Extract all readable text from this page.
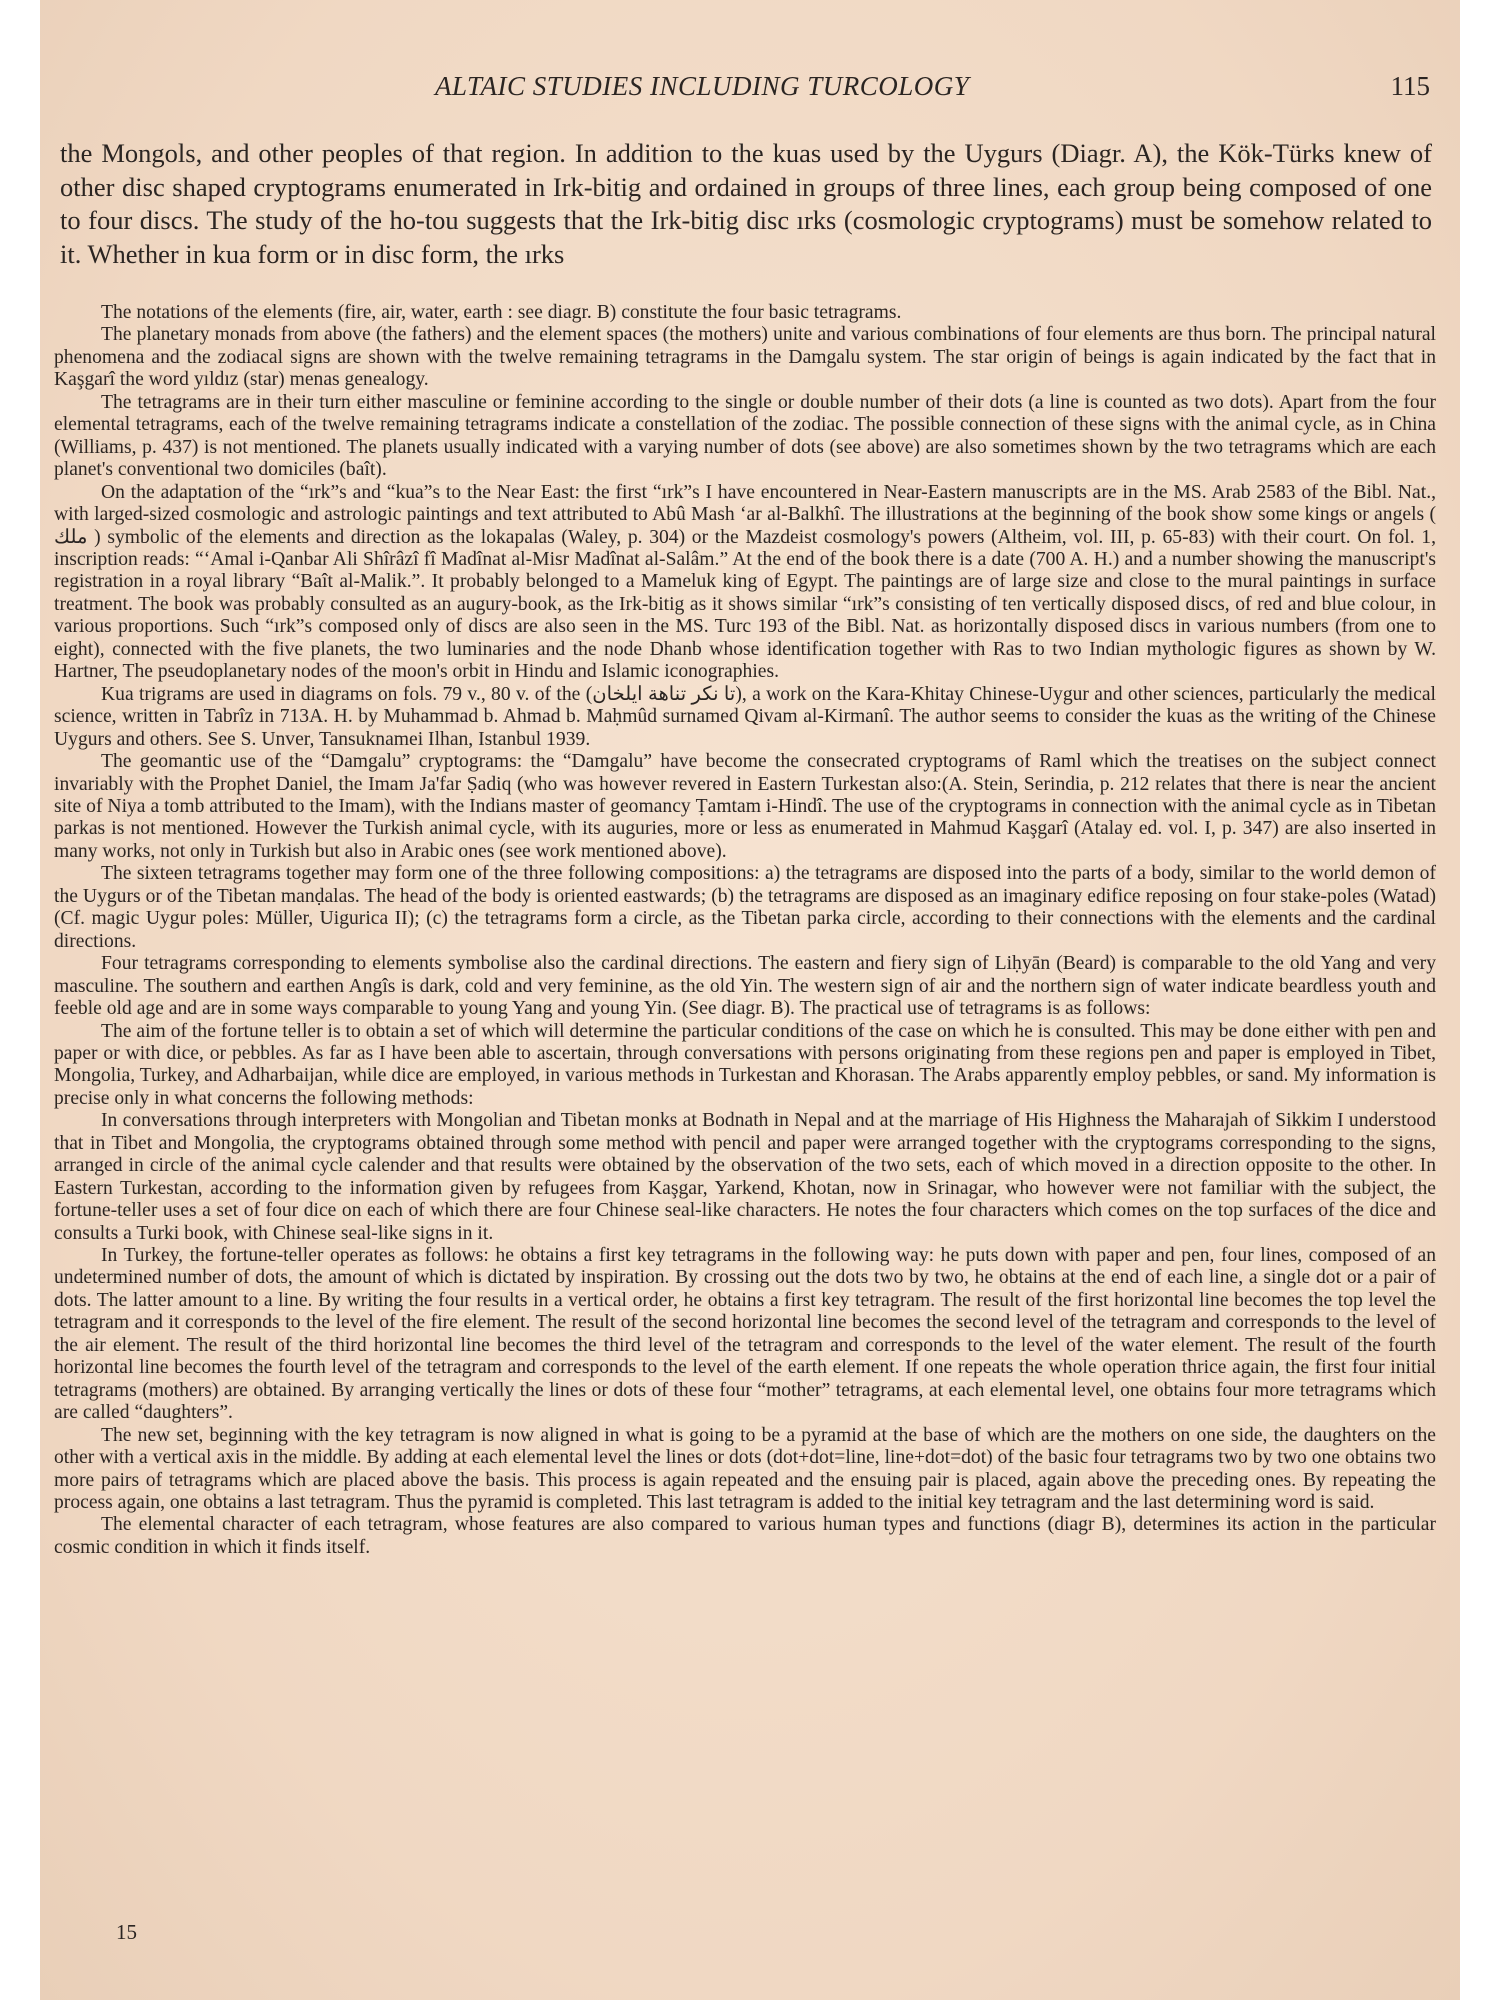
ALTAIC STUDIES INCLUDING TURCOLOGY	115

the Mongols, and other peoples of that region. In addition to the kuas used by the Uygurs (Diagr. A), the Kök-Türks knew of other disc shaped cryptograms enumerated in Irk-bitig and ordained in groups of three lines, each group being composed of one to four discs. The study of the ho-tou suggests that the Irk-bitig disc ırks (cosmologic cryptograms) must be somehow related to it. Whether in kua form or in disc form, the ırks

The notations of the elements (fire, air, water, earth : see diagr. B) constitute the four basic tetragrams.

The planetary monads from above (the fathers) and the element spaces (the mothers) unite and various combinations of four elements are thus born. The principal natural phenomena and the zodiacal signs are shown with the twelve remaining tetragrams in the Damgalu system. The star origin of beings is again indicated by the fact that in Kaşgarî the word yıldız (star) menas genealogy.

The tetragrams are in their turn either masculine or feminine according to the single or double number of their dots (a line is counted as two dots). Apart from the four elemental tetragrams, each of the twelve remaining tetragrams indicate a constellation of the zodiac. The possible connection of these signs with the animal cycle, as in China (Williams, p. 437) is not mentioned. The planets usually indicated with a varying number of dots (see above) are also sometimes shown by the two tetragrams which are each planet's conventional two domiciles (baît).

On the adaptation of the “ırk”s and “kua”s to the Near East: the first “ırk”s I have encountered in Near-Eastern manuscripts are in the MS. Arab 2583 of the Bibl. Nat., with larged-sized cosmologic and astrologic paintings and text attributed to Abû Mash ‘ar al-Balkhî. The illustrations at the beginning of the book show some kings or angels ( ملك ) symbolic of the elements and direction as the lokapalas (Waley, p. 304) or the Mazdeist cosmology's powers (Altheim, vol. III, p. 65-83) with their court. On fol. 1, inscription reads: “‘Amal i-Qanbar Ali Shîrâzî fî Madînat al-Misr Madînat al-Salâm.” At the end of the book there is a date (700 A. H.) and a number showing the manuscript's registration in a royal library “Baît al-Malik.”. It probably belonged to a Mameluk king of Egypt. The paintings are of large size and close to the mural paintings in surface treatment. The book was probably consulted as an augury-book, as the Irk-bitig as it shows similar “ırk”s consisting of ten vertically disposed discs, of red and blue colour, in various proportions. Such “ırk”s composed only of discs are also seen in the MS. Turc 193 of the Bibl. Nat. as horizontally disposed discs in various numbers (from one to eight), connected with the five planets, the two luminaries and the node Dhanb whose identification together with Ras to two Indian mythologic figures as shown by W. Hartner, The pseudoplanetary nodes of the moon's orbit in Hindu and Islamic iconographies.

Kua trigrams are used in diagrams on fols. 79 v., 80 v. of the (تا نكر تناهة ايلخان), a work on the Kara-Khitay Chinese-Uygur and other sciences, particularly the medical science, written in Tabrîz in 713A. H. by Muhammad b. Ahmad b. Maḥmûd surnamed Qivam al-Kirmanî. The author seems to consider the kuas as the writing of the Chinese Uygurs and others. See S. Unver, Tansuknamei Ilhan, Istanbul 1939.

The geomantic use of the “Damgalu” cryptograms: the “Damgalu” have become the consecrated cryptograms of Raml which the treatises on the subject connect invariably with the Prophet Daniel, the Imam Ja'far Ṣadiq (who was however revered in Eastern Turkestan also:(A. Stein, Serindia, p. 212 relates that there is near the ancient site of Niya a tomb attributed to the Imam), with the Indians master of geomancy Ṭamtam i-Hindî. The use of the cryptograms in connection with the animal cycle as in Tibetan parkas is not mentioned. However the Turkish animal cycle, with its auguries, more or less as enumerated in Mahmud Kaşgarî (Atalay ed. vol. I, p. 347) are also inserted in many works, not only in Turkish but also in Arabic ones (see work mentioned above).

The sixteen tetragrams together may form one of the three following compositions: a) the tetragrams are disposed into the parts of a body, similar to the world demon of the Uygurs or of the Tibetan manḍalas. The head of the body is oriented eastwards; (b) the tetragrams are disposed as an imaginary edifice reposing on four stake-poles (Watad) (Cf. magic Uygur poles: Müller, Uigurica II); (c) the tetragrams form a circle, as the Tibetan parka circle, according to their connections with the elements and the cardinal directions.

Four tetragrams corresponding to elements symbolise also the cardinal directions. The eastern and fiery sign of Liḥyān (Beard) is comparable to the old Yang and very masculine. The southern and earthen Angîs is dark, cold and very feminine, as the old Yin. The western sign of air and the northern sign of water indicate beardless youth and feeble old age and are in some ways comparable to young Yang and young Yin. (See diagr. B). The practical use of tetragrams is as follows:

The aim of the fortune teller is to obtain a set of which will determine the particular conditions of the case on which he is consulted. This may be done either with pen and paper or with dice, or pebbles. As far as I have been able to ascertain, through conversations with persons originating from these regions pen and paper is employed in Tibet, Mongolia, Turkey, and Adharbaijan, while dice are employed, in various methods in Turkestan and Khorasan. The Arabs apparently employ pebbles, or sand. My information is precise only in what concerns the following methods:

In conversations through interpreters with Mongolian and Tibetan monks at Bodnath in Nepal and at the marriage of His Highness the Maharajah of Sikkim I understood that in Tibet and Mongolia, the cryptograms obtained through some method with pencil and paper were arranged together with the cryptograms corresponding to the signs, arranged in circle of the animal cycle calender and that results were obtained by the observation of the two sets, each of which moved in a direction opposite to the other. In Eastern Turkestan, according to the information given by refugees from Kaşgar, Yarkend, Khotan, now in Srinagar, who however were not familiar with the subject, the fortune-teller uses a set of four dice on each of which there are four Chinese seal-like characters. He notes the four characters which comes on the top surfaces of the dice and consults a Turki book, with Chinese seal-like signs in it.

In Turkey, the fortune-teller operates as follows: he obtains a first key tetragrams in the following way: he puts down with paper and pen, four lines, composed of an undetermined number of dots, the amount of which is dictated by inspiration. By crossing out the dots two by two, he obtains at the end of each line, a single dot or a pair of dots. The latter amount to a line. By writing the four results in a vertical order, he obtains a first key tetragram. The result of the first horizontal line becomes the top level the tetragram and it corresponds to the level of the fire element. The result of the second horizontal line becomes the second level of the tetragram and corresponds to the level of the air element. The result of the third horizontal line becomes the third level of the tetragram and corresponds to the level of the water element. The result of the fourth horizontal line becomes the fourth level of the tetragram and corresponds to the level of the earth element. If one repeats the whole operation thrice again, the first four initial tetragrams (mothers) are obtained. By arranging vertically the lines or dots of these four “mother” tetragrams, at each elemental level, one obtains four more tetragrams which are called “daughters”.

The new set, beginning with the key tetragram is now aligned in what is going to be a pyramid at the base of which are the mothers on one side, the daughters on the other with a vertical axis in the middle. By adding at each elemental level the lines or dots (dot+dot=line, line+dot=dot) of the basic four tetragrams two by two one obtains two more pairs of tetragrams which are placed above the basis. This process is again repeated and the ensuing pair is placed, again above the preceding ones. By repeating the process again, one obtains a last tetragram. Thus the pyramid is completed. This last tetragram is added to the initial key tetragram and the last determining word is said.

The elemental character of each tetragram, whose features are also compared to various human types and functions (diagr B), determines its action in the particular cosmic condition in which it finds itself.

15
